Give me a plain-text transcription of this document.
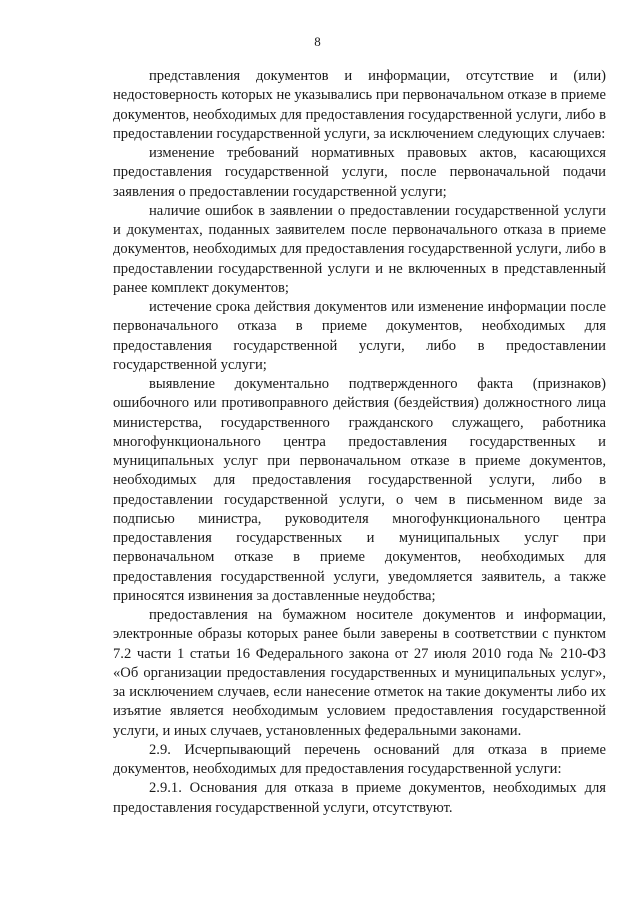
8

представления документов и информации, отсутствие и (или) недостоверность которых не указывались при первоначальном отказе в приеме документов, необходимых для предоставления государственной услуги, либо в предоставлении государственной услуги, за исключением следующих случаев:

изменение требований нормативных правовых актов, касающихся предоставления государственной услуги, после первоначальной подачи заявления о предоставлении государственной услуги;

наличие ошибок в заявлении о предоставлении государственной услуги и документах, поданных заявителем после первоначального отказа в приеме документов, необходимых для предоставления государственной услуги, либо в предоставлении государственной услуги и не включенных в представленный ранее комплект документов;

истечение срока действия документов или изменение информации после первоначального отказа в приеме документов, необходимых для предоставления государственной услуги, либо в предоставлении государственной услуги;

выявление документально подтвержденного факта (признаков) ошибочного или противоправного действия (бездействия) должностного лица министерства, государственного гражданского служащего, работника многофункционального центра предоставления государственных и муниципальных услуг при первоначальном отказе в приеме документов, необходимых для предоставления государственной услуги, либо в предоставлении государственной услуги, о чем в письменном виде за подписью министра, руководителя многофункционального центра предоставления государственных и муниципальных услуг при первоначальном отказе в приеме документов, необходимых для предоставления государственной услуги, уведомляется заявитель, а также приносятся извинения за доставленные неудобства;

предоставления на бумажном носителе документов и информации, электронные образы которых ранее были заверены в соответствии с пунктом 7.2 части 1 статьи 16 Федерального закона от 27 июля 2010 года № 210-ФЗ «Об организации предоставления государственных и муниципальных услуг», за исключением случаев, если нанесение отметок на такие документы либо их изъятие является необходимым условием предоставления государственной услуги, и иных случаев, установленных федеральными законами.

2.9. Исчерпывающий перечень оснований для отказа в приеме документов, необходимых для предоставления государственной услуги:

2.9.1. Основания для отказа в приеме документов, необходимых для предоставления государственной услуги, отсутствуют.
